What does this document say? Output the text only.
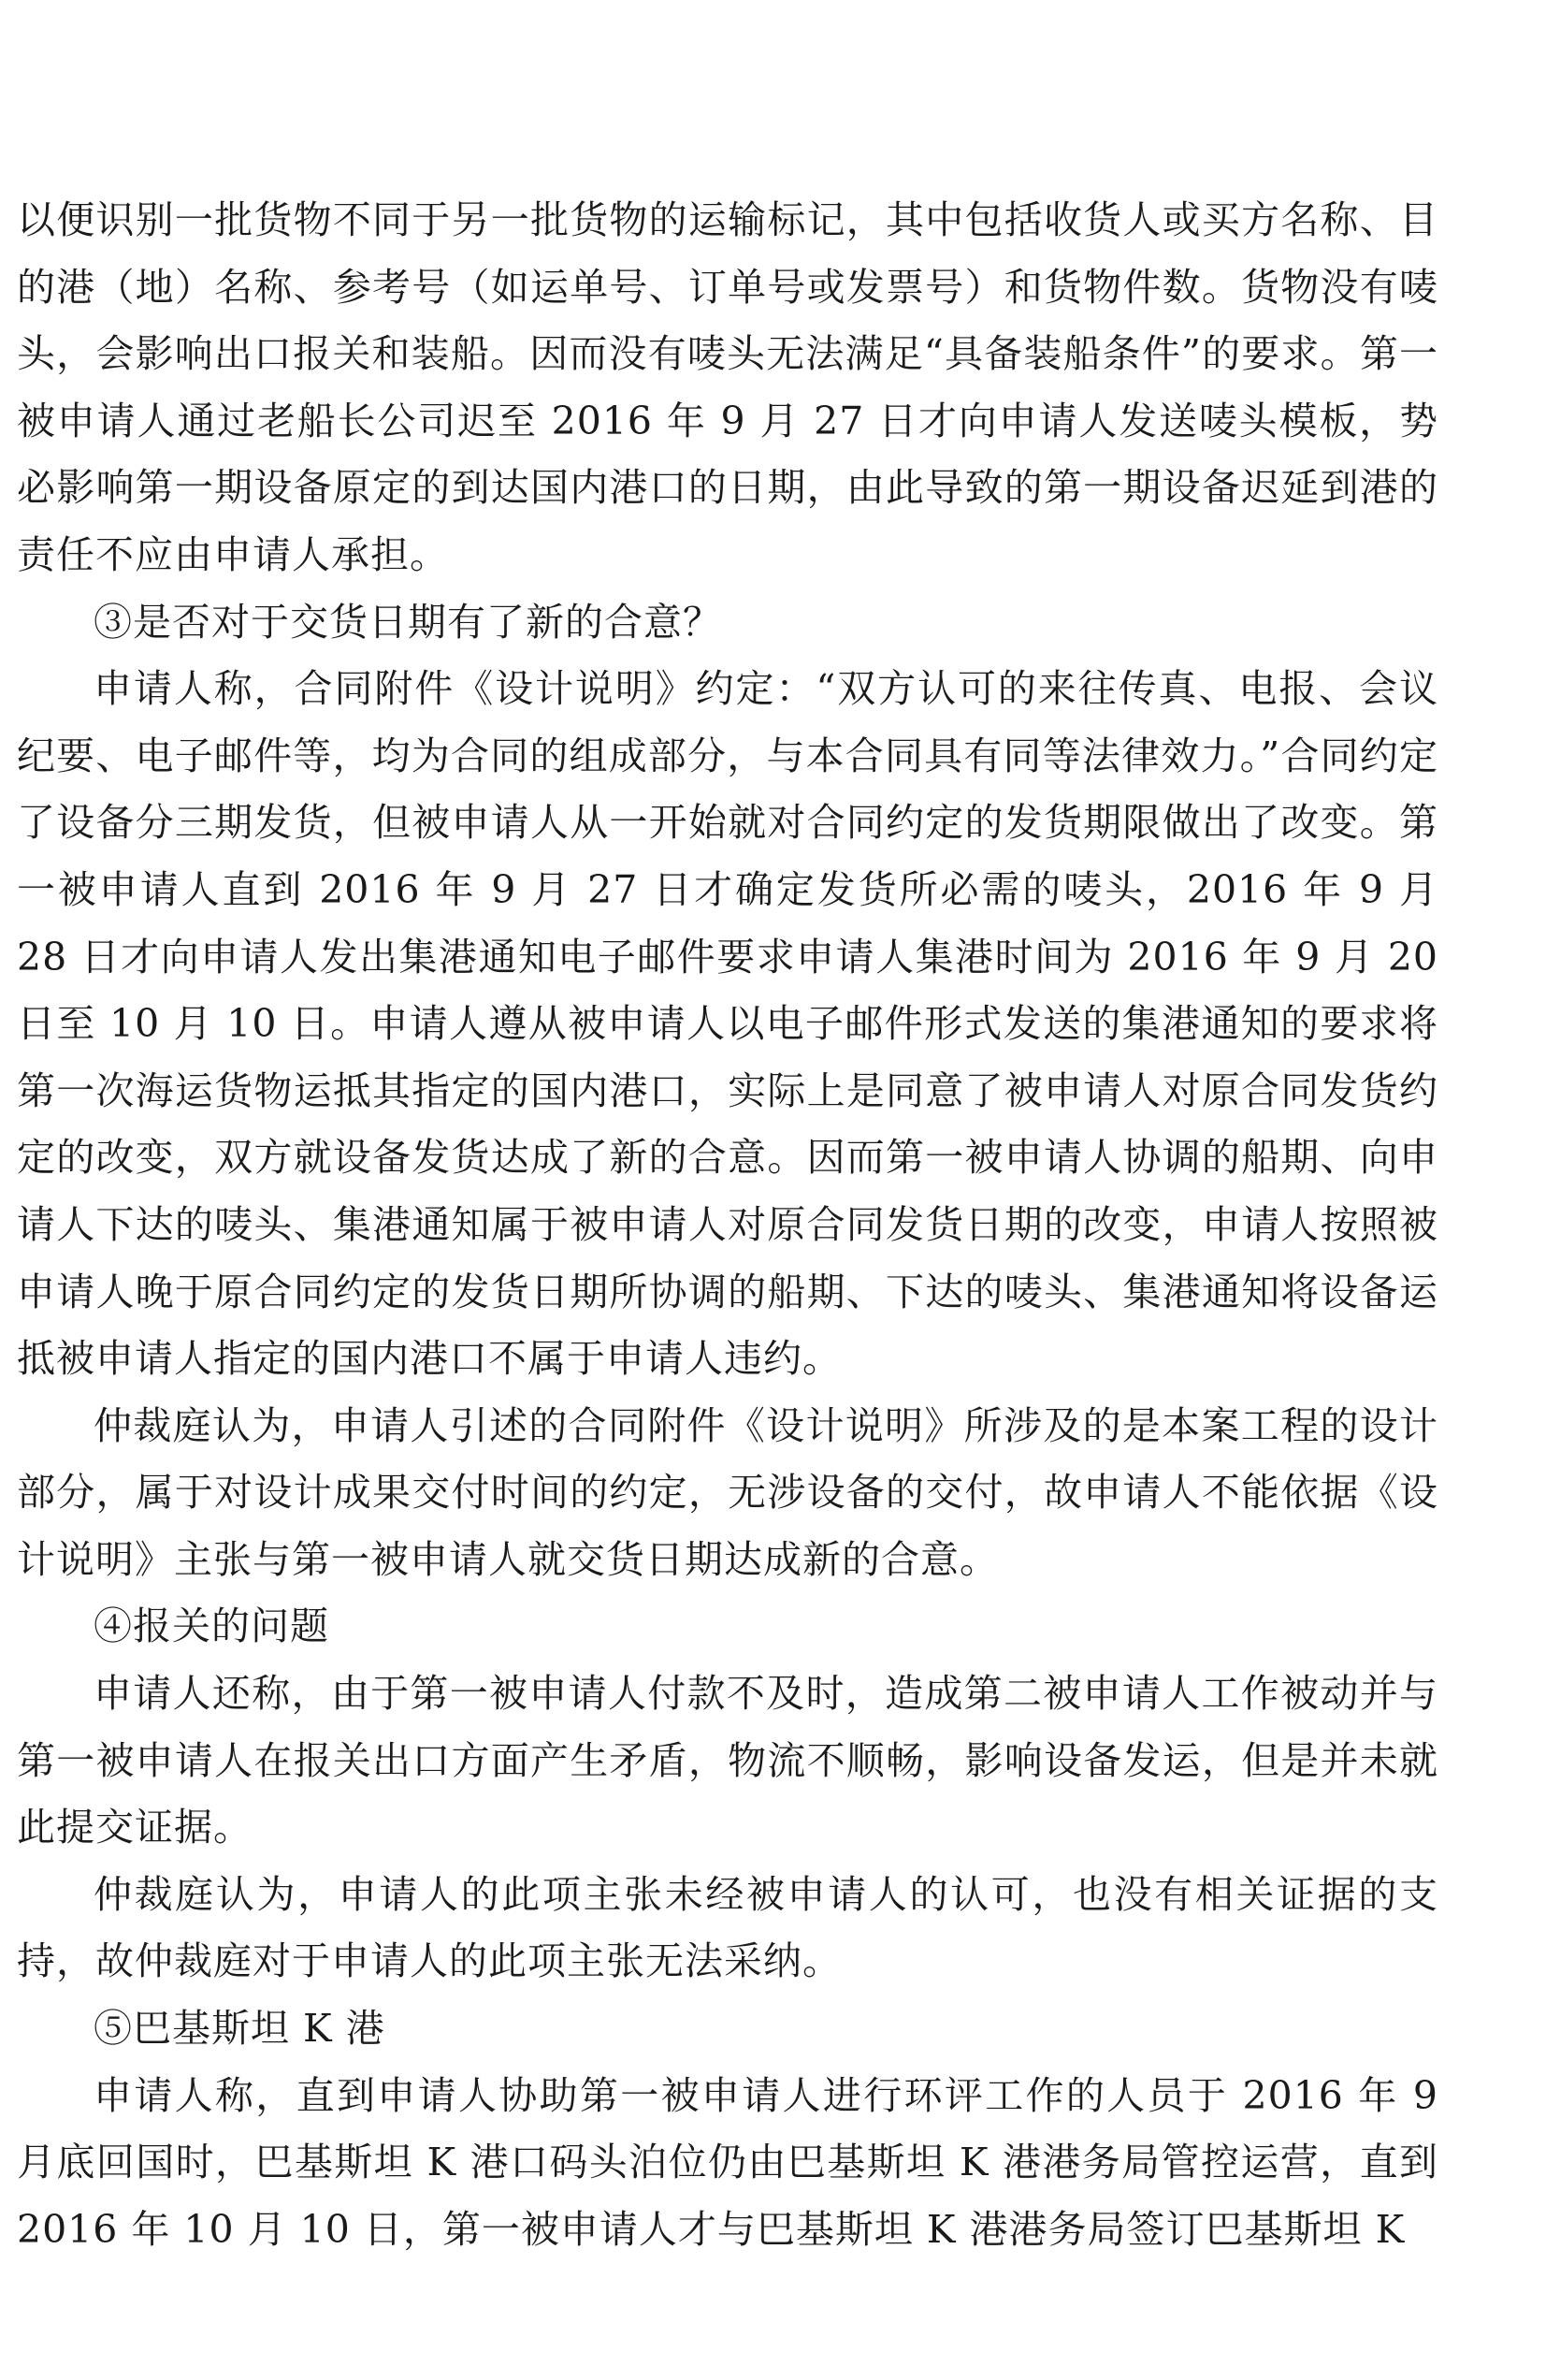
以便识别一批货物不同于另一批货物的运输标记，其中包括收货人或买方名称、目的港（地）名称、参考号（如运单号、订单号或发票号）和货物件数。货物没有唛头，会影响出口报关和装船。因而没有唛头无法满足“具备装船条件”的要求。第一被申请人通过老船长公司迟至 2016 年 9 月 27 日才向申请人发送唛头模板，势必影响第一期设备原定的到达国内港口的日期，由此导致的第一期设备迟延到港的责任不应由申请人承担。

③是否对于交货日期有了新的合意？

申请人称，合同附件《设计说明》约定：“双方认可的来往传真、电报、会议纪要、电子邮件等，均为合同的组成部分，与本合同具有同等法律效力。”合同约定了设备分三期发货，但被申请人从一开始就对合同约定的发货期限做出了改变。第一被申请人直到 2016 年 9 月 27 日才确定发货所必需的唛头，2016 年 9 月 28 日才向申请人发出集港通知电子邮件要求申请人集港时间为 2016 年 9 月 20 日至 10 月 10 日。申请人遵从被申请人以电子邮件形式发送的集港通知的要求将第一次海运货物运抵其指定的国内港口，实际上是同意了被申请人对原合同发货约定的改变，双方就设备发货达成了新的合意。因而第一被申请人协调的船期、向申请人下达的唛头、集港通知属于被申请人对原合同发货日期的改变，申请人按照被申请人晚于原合同约定的发货日期所协调的船期、下达的唛头、集港通知将设备运抵被申请人指定的国内港口不属于申请人违约。

仲裁庭认为，申请人引述的合同附件《设计说明》所涉及的是本案工程的设计部分，属于对设计成果交付时间的约定，无涉设备的交付，故申请人不能依据《设计说明》主张与第一被申请人就交货日期达成新的合意。

④报关的问题

申请人还称，由于第一被申请人付款不及时，造成第二被申请人工作被动并与第一被申请人在报关出口方面产生矛盾，物流不顺畅，影响设备发运，但是并未就此提交证据。

仲裁庭认为，申请人的此项主张未经被申请人的认可，也没有相关证据的支持，故仲裁庭对于申请人的此项主张无法采纳。

⑤巴基斯坦 K 港

申请人称，直到申请人协助第一被申请人进行环评工作的人员于 2016 年 9 月底回国时，巴基斯坦 K 港口码头泊位仍由巴基斯坦 K 港港务局管控运营，直到 2016 年 10 月 10 日，第一被申请人才与巴基斯坦 K 港港务局签订巴基斯坦 K
